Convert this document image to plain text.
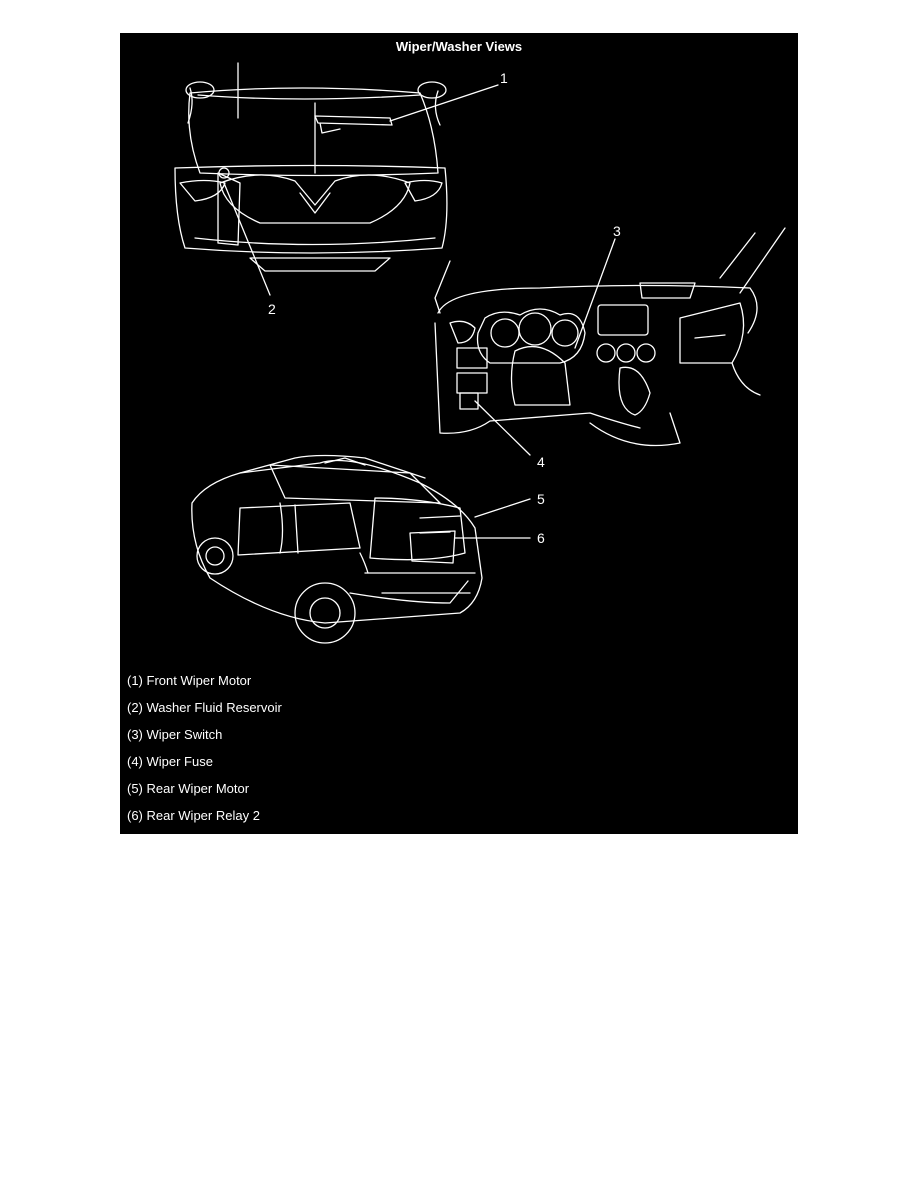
Wiper/Washer Views
1
2
3
4
5
6
(1) Front Wiper Motor
(2) Washer Fluid Reservoir
(3) Wiper Switch
(4) Wiper Fuse
(5) Rear Wiper Motor
(6) Rear Wiper Relay 2
